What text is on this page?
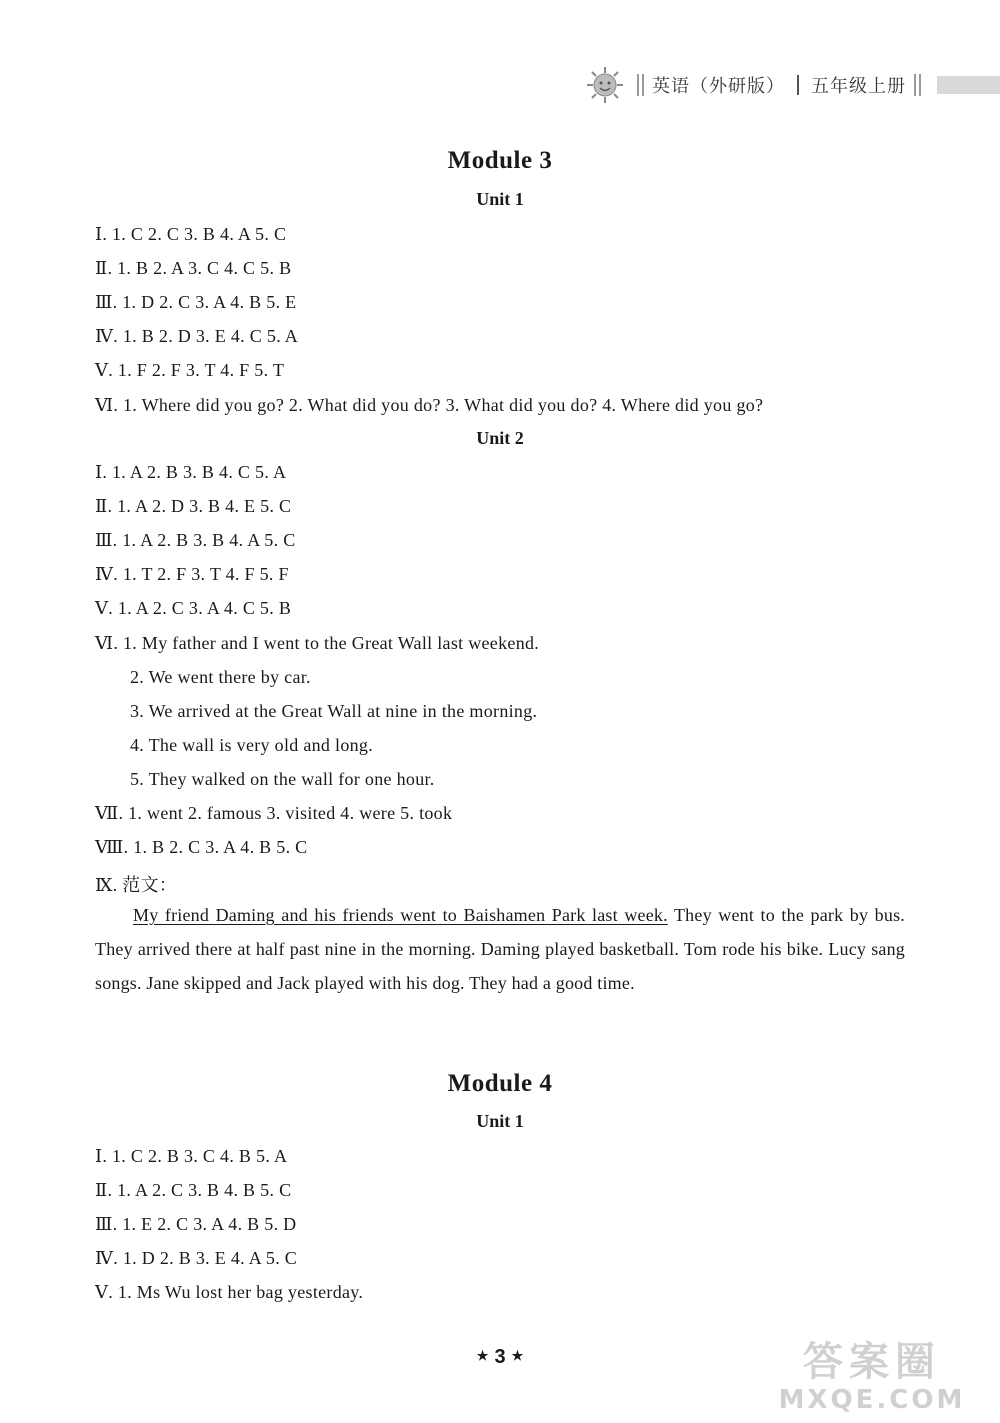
英语（外研版） 五年级上册
Module 3
Unit 1
Ⅰ. 1. C 2. C 3. B 4. A 5. C
Ⅱ. 1. B 2. A 3. C 4. C 5. B
Ⅲ. 1. D 2. C 3. A 4. B 5. E
Ⅳ. 1. B 2. D 3. E 4. C 5. A
Ⅴ. 1. F 2. F 3. T 4. F 5. T
Ⅵ. 1. Where did you go? 2. What did you do? 3. What did you do? 4. Where did you go?
Unit 2
Ⅰ. 1. A 2. B 3. B 4. C 5. A
Ⅱ. 1. A 2. D 3. B 4. E 5. C
Ⅲ. 1. A 2. B 3. B 4. A 5. C
Ⅳ. 1. T 2. F 3. T 4. F 5. F
Ⅴ. 1. A 2. C 3. A 4. C 5. B
Ⅵ. 1. My father and I went to the Great Wall last weekend.
2. We went there by car.
3. We arrived at the Great Wall at nine in the morning.
4. The wall is very old and long.
5. They walked on the wall for one hour.
Ⅶ. 1. went 2. famous 3. visited 4. were 5. took
Ⅷ. 1. B 2. C 3. A 4. B 5. C
Ⅸ. 范文：
My friend Daming and his friends went to Baishamen Park last week. They went to the park by bus. They arrived there at half past nine in the morning. Daming played basketball. Tom rode his bike. Lucy sang songs. Jane skipped and Jack played with his dog. They had a good time.
Module 4
Unit 1
Ⅰ. 1. C 2. B 3. C 4. B 5. A
Ⅱ. 1. A 2. C 3. B 4. B 5. C
Ⅲ. 1. E 2. C 3. A 4. B 5. D
Ⅳ. 1. D 2. B 3. E 4. A 5. C
Ⅴ. 1. Ms Wu lost her bag yesterday.
★ 3 ★	答案圈
MXQE.COM
